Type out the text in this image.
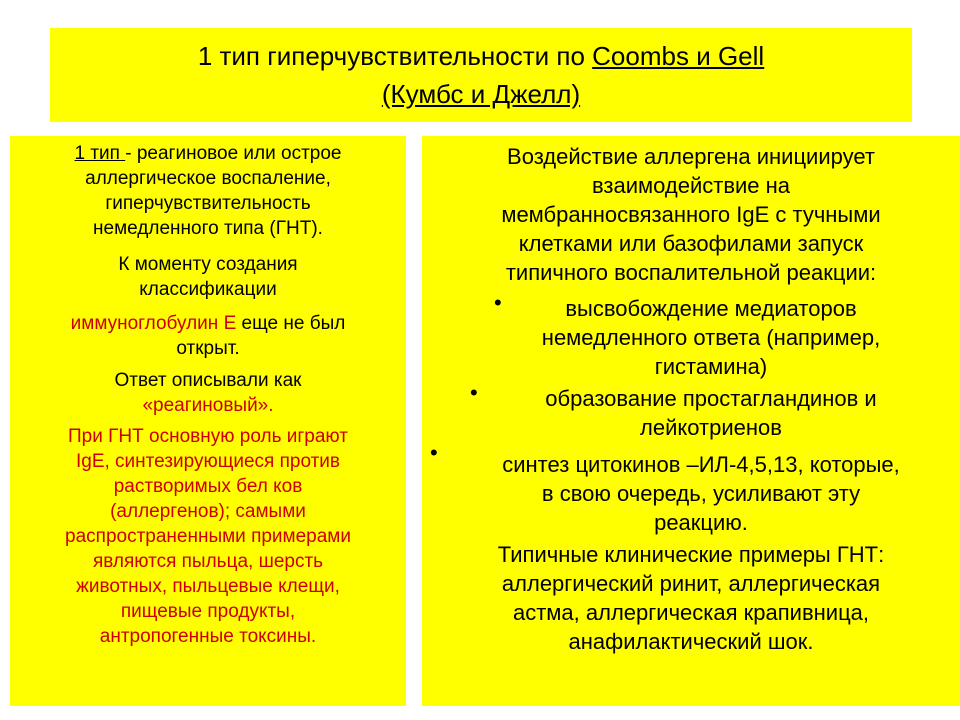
1 тип гиперчувствительности по Coombs и Gell
(Кумбс и Джелл)
1 тип - реагиновое или острое
аллергическое воспаление,
гиперчувствительность
немедленного типа (ГНТ).
К моменту создания
классификации
иммуноглобулин Е еще не был
открыт.
Ответ описывали как
«реагиновый».
При ГНТ основную роль играют
IgE, синтезирующиеся против
растворимых бел ков
(аллергенов); самыми
распространенными примерами
являются пыльца, шерсть
животных, пыльцевые клещи,
пищевые продукты,
антропогенные токсины.
Воздействие аллергена инициирует
взаимодействие на
мембранносвязанного IgE с тучными
клетками или базофилами запуск
типичного воспалительной реакции:
•	высвобождение медиаторов
немедленного ответа (например,
гистамина)
•	образование простагландинов и
лейкотриенов
•	синтез цитокинов –ИЛ-4,5,13, которые,
в свою очередь, усиливают эту
реакцию.
Типичные клинические примеры ГНТ:
аллергический ринит, аллергическая
астма, аллергическая крапивница,
анафилактический шок.
